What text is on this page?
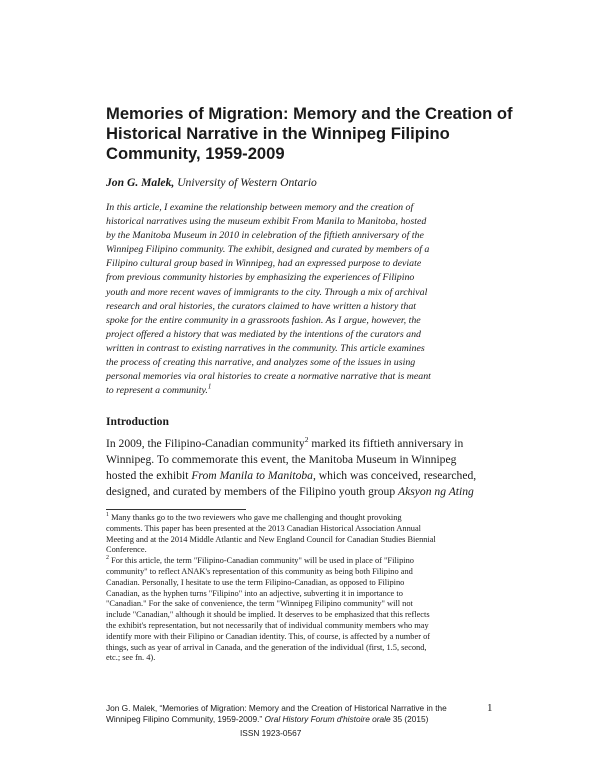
Memories of Migration: Memory and the Creation of
Historical Narrative in the Winnipeg Filipino
Community, 1959-2009
Jon G. Malek, University of Western Ontario

In this article, I examine the relationship between memory and the creation of
historical narratives using the museum exhibit From Manila to Manitoba, hosted
by the Manitoba Museum in 2010 in celebration of the fiftieth anniversary of the
Winnipeg Filipino community. The exhibit, designed and curated by members of a
Filipino cultural group based in Winnipeg, had an expressed purpose to deviate
from previous community histories by emphasizing the experiences of Filipino
youth and more recent waves of immigrants to the city. Through a mix of archival
research and oral histories, the curators claimed to have written a history that
spoke for the entire community in a grassroots fashion. As I argue, however, the
project offered a history that was mediated by the intentions of the curators and
written in contrast to existing narratives in the community. This article examines
the process of creating this narrative, and analyzes some of the issues in using
personal memories via oral histories to create a normative narrative that is meant
to represent a community.$^1$

Introduction

In 2009, the Filipino-Canadian community$^2$ marked its fiftieth anniversary in
Winnipeg. To commemorate this event, the Manitoba Museum in Winnipeg
hosted the exhibit From Manila to Manitoba, which was conceived, researched,
designed, and curated by members of the Filipino youth group Aksyon ng Ating

$^1$ Many thanks go to the two reviewers who gave me challenging and thought provoking
comments. This paper has been presented at the 2013 Canadian Historical Association Annual
Meeting and at the 2014 Middle Atlantic and New England Council for Canadian Studies Biennial
Conference.
$^2$ For this article, the term "Filipino-Canadian community" will be used in place of "Filipino
community" to reflect ANAK's representation of this community as being both Filipino and
Canadian. Personally, I hesitate to use the term Filipino-Canadian, as opposed to Filipino
Canadian, as the hyphen turns "Filipino" into an adjective, subverting it in importance to
"Canadian." For the sake of convenience, the term "Winnipeg Filipino community" will not
include "Canadian," although it should be implied. It deserves to be emphasized that this reflects
the exhibit's representation, but not necessarily that of individual community members who may
identify more with their Filipino or Canadian identity. This, of course, is affected by a number of
things, such as year of arrival in Canada, and the generation of the individual (first, 1.5, second,
etc.; see fn. 4).
Jon G. Malek, “Memories of Migration: Memory and the Creation of Historical Narrative in the
Winnipeg Filipino Community, 1959-2009.” Oral History Forum d'histoire orale 35 (2015)
1
ISSN 1923-0567
